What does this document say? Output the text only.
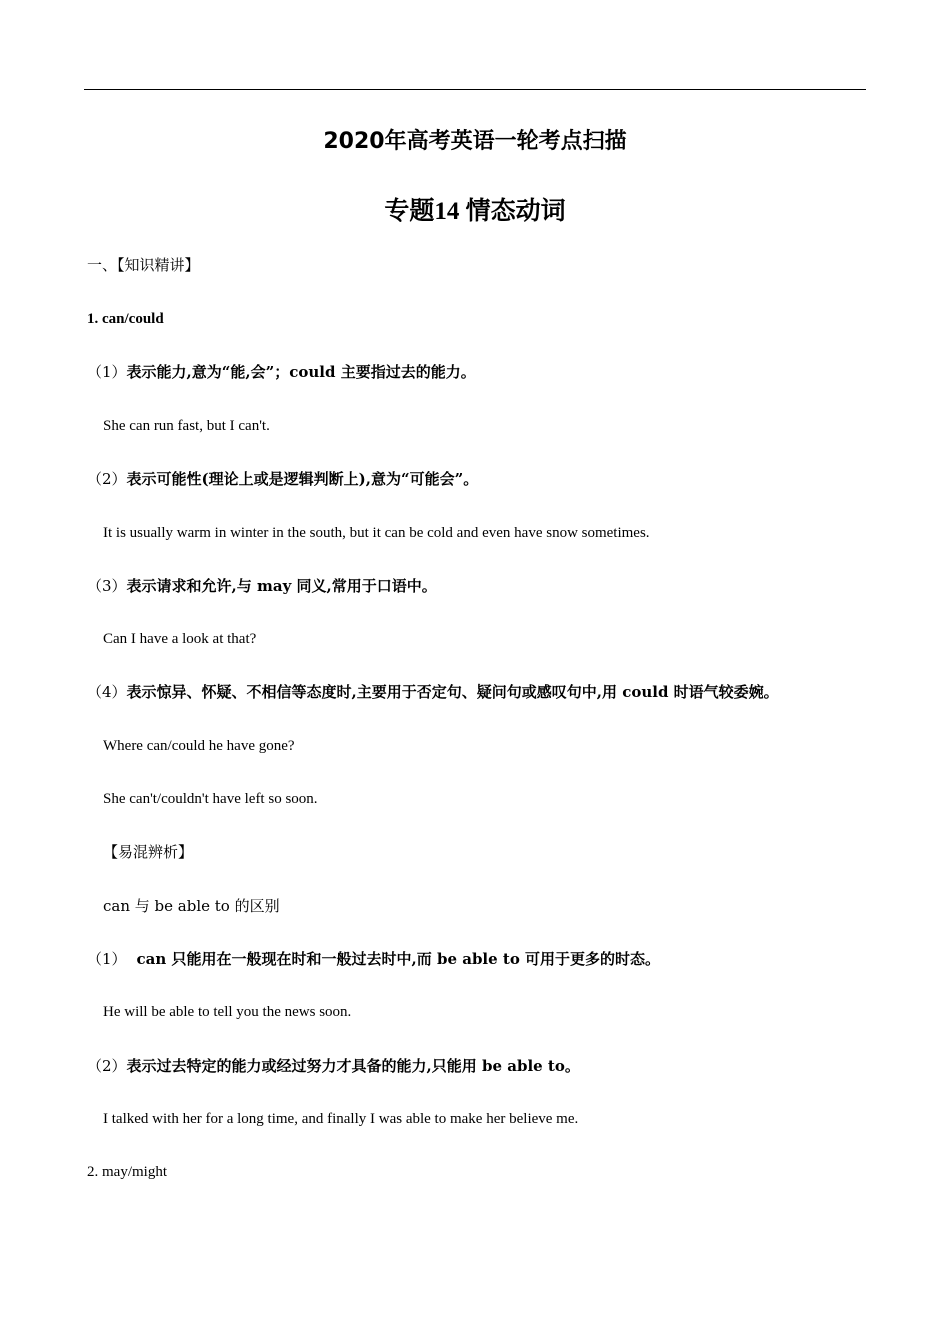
2020年高考英语一轮考点扫描
专题14 情态动词
一、【知识精讲】
1. can/could
（1）表示能力,意为“能,会”；could 主要指过去的能力。
She can run fast, but I can't.
（2）表示可能性(理论上或是逻辑判断上),意为“可能会”。
It is usually warm in winter in the south, but it can be cold and even have snow sometimes.
（3）表示请求和允许,与 may 同义,常用于口语中。
Can I have a look at that?
（4）表示惊异、怀疑、不相信等态度时,主要用于否定句、疑问句或感叹句中,用 could 时语气较委婉。
Where can/could he have gone?
She can't/couldn't have left so soon.
【易混辨析】
can 与 be able to 的区别
（1） can 只能用在一般现在时和一般过去时中,而 be able to 可用于更多的时态。
He will be able to tell you the news soon.
（2）表示过去特定的能力或经过努力才具备的能力,只能用 be able to。
I talked with her for a long time, and finally I was able to make her believe me.
2. may/might
